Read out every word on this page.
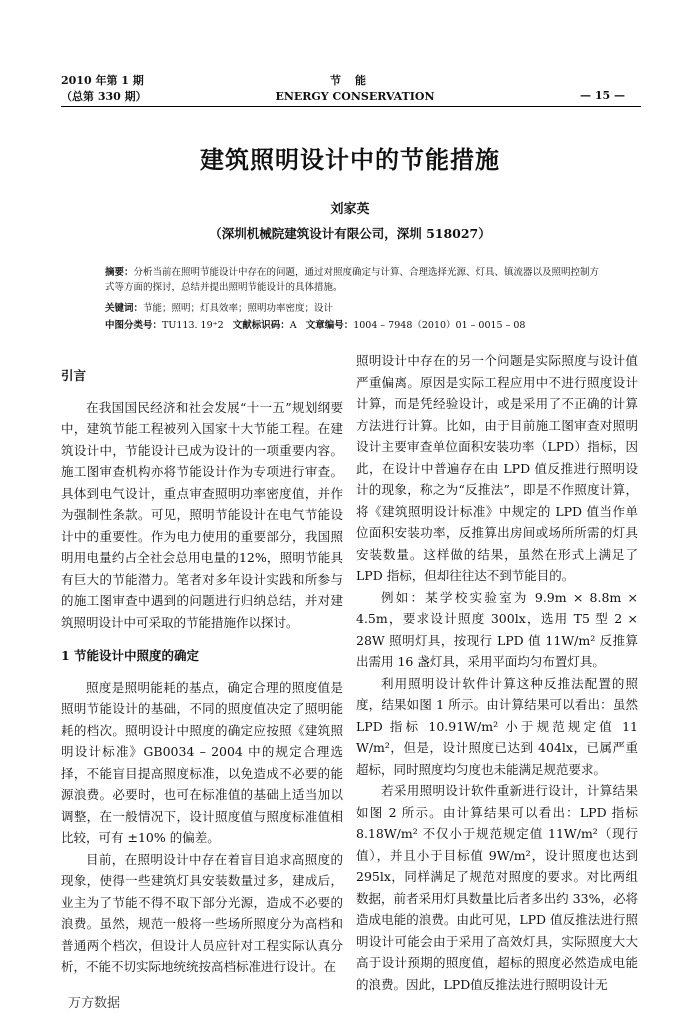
2010 年第 1 期
（总第 330 期）
节能
ENERGY CONSERVATION	— 15 —
建筑照明设计中的节能措施
刘家英
（深圳机械院建筑设计有限公司，深圳 518027）
摘要：分析当前在照明节能设计中存在的问题，通过对照度确定与计算、合理选择光源、灯具、镇流器以及照明控制方式等方面的探讨，总结并提出照明节能设计的具体措施。
关键词：节能；照明；灯具效率；照明功率密度；设计
中图分类号：TU113. 19⁺2 文献标识码：A 文章编号：1004 – 7948（2010）01 – 0015 – 08

引言

在我国国民经济和社会发展“十一五”规划纲要中，建筑节能工程被列入国家十大节能工程。在建筑设计中，节能设计已成为设计的一项重要内容。施工图审查机构亦将节能设计作为专项进行审查。具体到电气设计，重点审查照明功率密度值，并作为强制性条款。可见，照明节能设计在电气节能设计中的重要性。作为电力使用的重要部分，我国照明用电量约占全社会总用电量的12%，照明节能具有巨大的节能潜力。笔者对多年设计实践和所参与的施工图审查中遇到的问题进行归纳总结，并对建筑照明设计中可采取的节能措施作以探讨。

1 节能设计中照度的确定

照度是照明能耗的基点，确定合理的照度值是照明节能设计的基础，不同的照度值决定了照明能耗的档次。照明设计中照度的确定应按照《建筑照明设计标准》GB0034 – 2004 中的规定合理选择，不能盲目提高照度标准，以免造成不必要的能源浪费。必要时，也可在标准值的基础上适当加以调整，在一般情况下，设计照度值与照度标准值相比较，可有 ±10% 的偏差。

目前，在照明设计中存在着盲目追求高照度的现象，使得一些建筑灯具安装数量过多，建成后，业主为了节能不得不取下部分光源，造成不必要的浪费。虽然，规范一般将一些场所照度分为高档和普通两个档次，但设计人员应针对工程实际认真分析，不能不切实际地统统按高档标准进行设计。在

照明设计中存在的另一个问题是实际照度与设计值严重偏离。原因是实际工程应用中不进行照度设计计算，而是凭经验设计，或是采用了不正确的计算方法进行计算。比如，由于目前施工图审查对照明设计主要审查单位面积安装功率（LPD）指标，因此，在设计中普遍存在由 LPD 值反推进行照明设计的现象，称之为“反推法”，即是不作照度计算，将《建筑照明设计标准》中规定的 LPD 值当作单位面积安装功率，反推算出房间或场所所需的灯具安装数量。这样做的结果，虽然在形式上满足了 LPD 指标，但却往往达不到节能目的。

例如：某学校实验室为 9.9m × 8.8m × 4.5m，要求设计照度 300lx，选用 T5 型 2 × 28W 照明灯具，按现行 LPD 值 11W/m² 反推算出需用 16 盏灯具，采用平面均匀布置灯具。

利用照明设计软件计算这种反推法配置的照度，结果如图 1 所示。由计算结果可以看出：虽然 LPD 指标 10.91W/m² 小于规范规定值 11 W/m²，但是，设计照度已达到 404lx，已属严重超标，同时照度均匀度也未能满足规范要求。

若采用照明设计软件重新进行设计，计算结果如图 2 所示。由计算结果可以看出：LPD 指标 8.18W/m² 不仅小于规范规定值 11W/m²（现行值），并且小于目标值 9W/m²，设计照度也达到 295lx，同样满足了规范对照度的要求。对比两组数据，前者采用灯具数量比后者多出约 33%，必将造成电能的浪费。由此可见，LPD 值反推法进行照明设计可能会由于采用了高效灯具，实际照度大大高于设计预期的照度值，超标的照度必然造成电能的浪费。因此，LPD值反推法进行照明设计无

万方数据
